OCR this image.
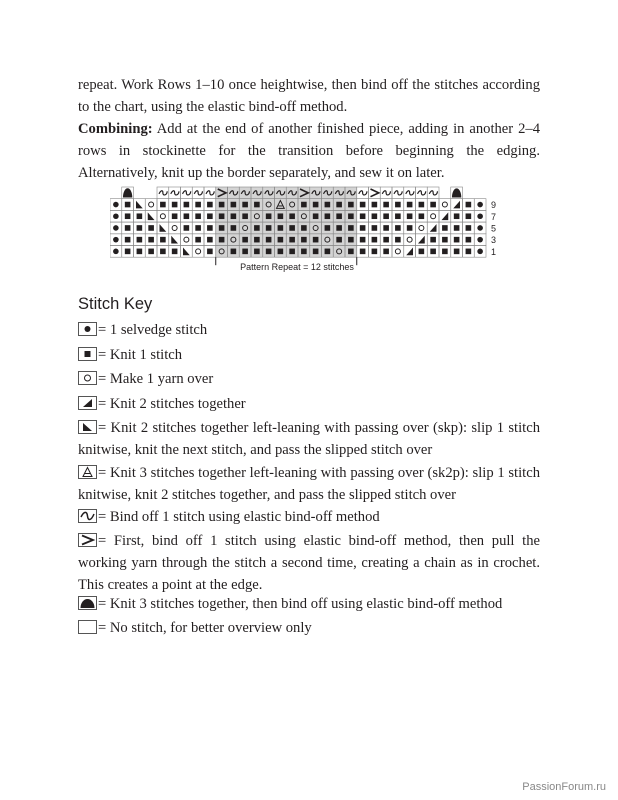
repeat. Work Rows 1–10 once heightwise, then bind off the stitches according to the chart, using the elastic bind-off method.

Combining: Add at the end of another finished piece, adding in another 2–4 rows in stockinette for the transition before beginning the edging. Alternatively, knit up the border separately, and sew it on later.

9
7
5
3
1
Pattern Repeat = 12 stitches
Stitch Key

= 1 selvedge stitch

= Knit 1 stitch

= Make 1 yarn over

= Knit 2 stitches together

= Knit 2 stitches together left-leaning with passing over (skp): slip 1 stitch knitwise, knit the next stitch, and pass the slipped stitch over

= Knit 3 stitches together left-leaning with passing over (sk2p): slip 1 stitch knitwise, knit 2 stitches together, and pass the slipped stitch over

= Bind off 1 stitch using elastic bind-off method

= First, bind off 1 stitch using elastic bind-off method, then pull the working yarn through the stitch a second time, creating a chain as in crochet. This creates a point at the edge.

= Knit 3 stitches together, then bind off using elastic bind-off method

= No stitch, for better overview only

PassionForum.ru
